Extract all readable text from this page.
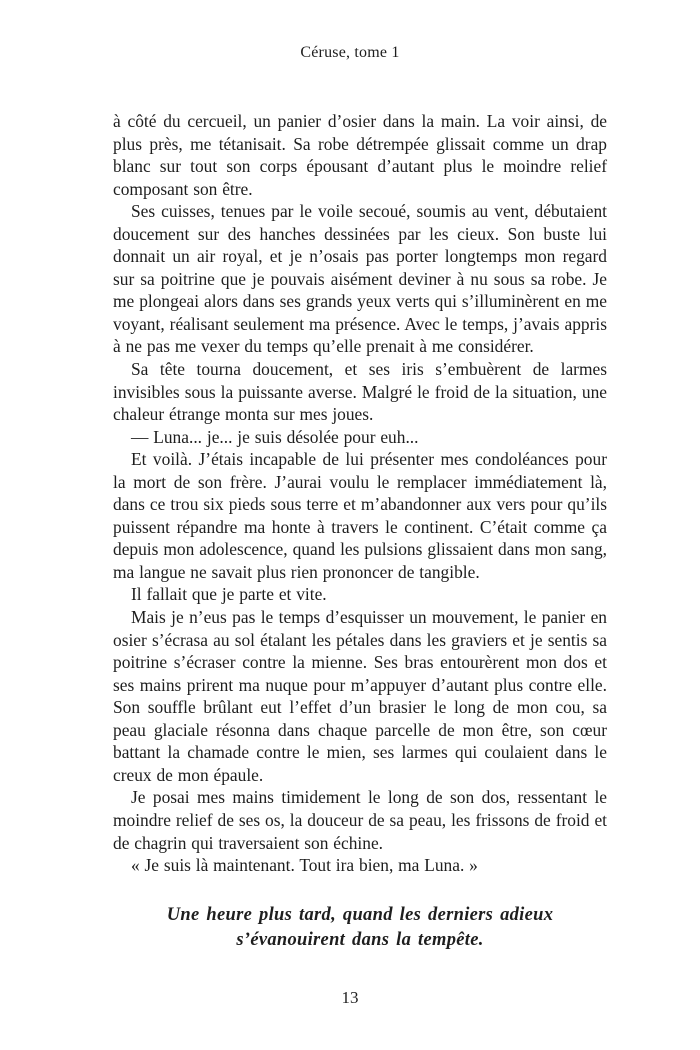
Céruse, tome 1

à côté du cercueil, un panier d’osier dans la main. La voir ainsi, de plus près, me tétanisait. Sa robe détrempée glissait comme un drap blanc sur tout son corps épousant d’autant plus le moindre relief composant son être.

Ses cuisses, tenues par le voile secoué, soumis au vent, débutaient doucement sur des hanches dessinées par les cieux. Son buste lui donnait un air royal, et je n’osais pas porter longtemps mon regard sur sa poitrine que je pouvais aisément deviner à nu sous sa robe. Je me plongeai alors dans ses grands yeux verts qui s’illuminèrent en me voyant, réalisant seulement ma présence. Avec le temps, j’avais appris à ne pas me vexer du temps qu’elle prenait à me considérer.

Sa tête tourna doucement, et ses iris s’embuèrent de larmes invisibles sous la puissante averse. Malgré le froid de la situation, une chaleur étrange monta sur mes joues.

— Luna... je... je suis désolée pour euh...

Et voilà. J’étais incapable de lui présenter mes condoléances pour la mort de son frère. J’aurai voulu le remplacer immédiatement là, dans ce trou six pieds sous terre et m’abandonner aux vers pour qu’ils puissent répandre ma honte à travers le continent. C’était comme ça depuis mon adolescence, quand les pulsions glissaient dans mon sang, ma langue ne savait plus rien prononcer de tangible.

Il fallait que je parte et vite.

Mais je n’eus pas le temps d’esquisser un mouvement, le panier en osier s’écrasa au sol étalant les pétales dans les graviers et je sentis sa poitrine s’écraser contre la mienne. Ses bras entourèrent mon dos et ses mains prirent ma nuque pour m’appuyer d’autant plus contre elle. Son souffle brûlant eut l’effet d’un brasier le long de mon cou, sa peau glaciale résonna dans chaque parcelle de mon être, son cœur battant la chamade contre le mien, ses larmes qui coulaient dans le creux de mon épaule.

Je posai mes mains timidement le long de son dos, ressentant le moindre relief de ses os, la douceur de sa peau, les frissons de froid et de chagrin qui traversaient son échine.

« Je suis là maintenant. Tout ira bien, ma Luna. »

Une heure plus tard, quand les derniers adieux
s’évanouirent dans la tempête.
13
